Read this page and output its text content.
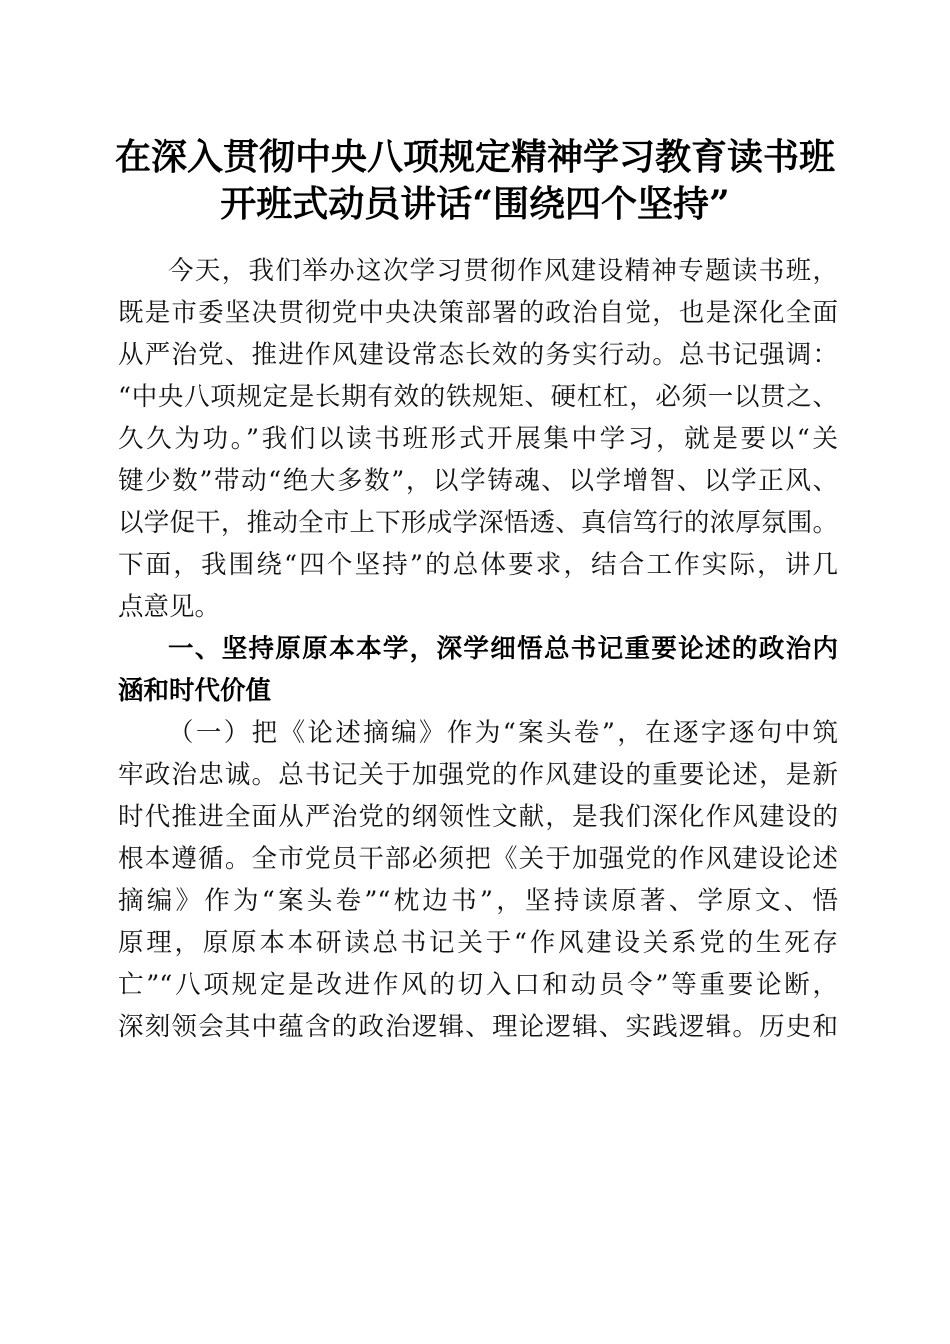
在深入贯彻中央八项规定精神学习教育读书班
开班式动员讲话“围绕四个坚持”
今天，我们举办这次学习贯彻作风建设精神专题读书班，
既是市委坚决贯彻党中央决策部署的政治自觉，也是深化全面
从严治党、推进作风建设常态长效的务实行动。总书记强调：
“中央八项规定是长期有效的铁规矩、硬杠杠，必须一以贯之、
久久为功。”我们以读书班形式开展集中学习，就是要以“关
键少数”带动“绝大多数”，以学铸魂、以学增智、以学正风、
以学促干，推动全市上下形成学深悟透、真信笃行的浓厚氛围。
下面，我围绕“四个坚持”的总体要求，结合工作实际，讲几
点意见。
一、坚持原原本本学，深学细悟总书记重要论述的政治内
涵和时代价值
（一）把《论述摘编》作为“案头卷”，在逐字逐句中筑
牢政治忠诚。总书记关于加强党的作风建设的重要论述，是新
时代推进全面从严治党的纲领性文献，是我们深化作风建设的
根本遵循。全市党员干部必须把《关于加强党的作风建设论述
摘编》作为“案头卷”“枕边书”，坚持读原著、学原文、悟
原理，原原本本研读总书记关于“作风建设关系党的生死存
亡”“八项规定是改进作风的切入口和动员令”等重要论断，
深刻领会其中蕴含的政治逻辑、理论逻辑、实践逻辑。历史和
